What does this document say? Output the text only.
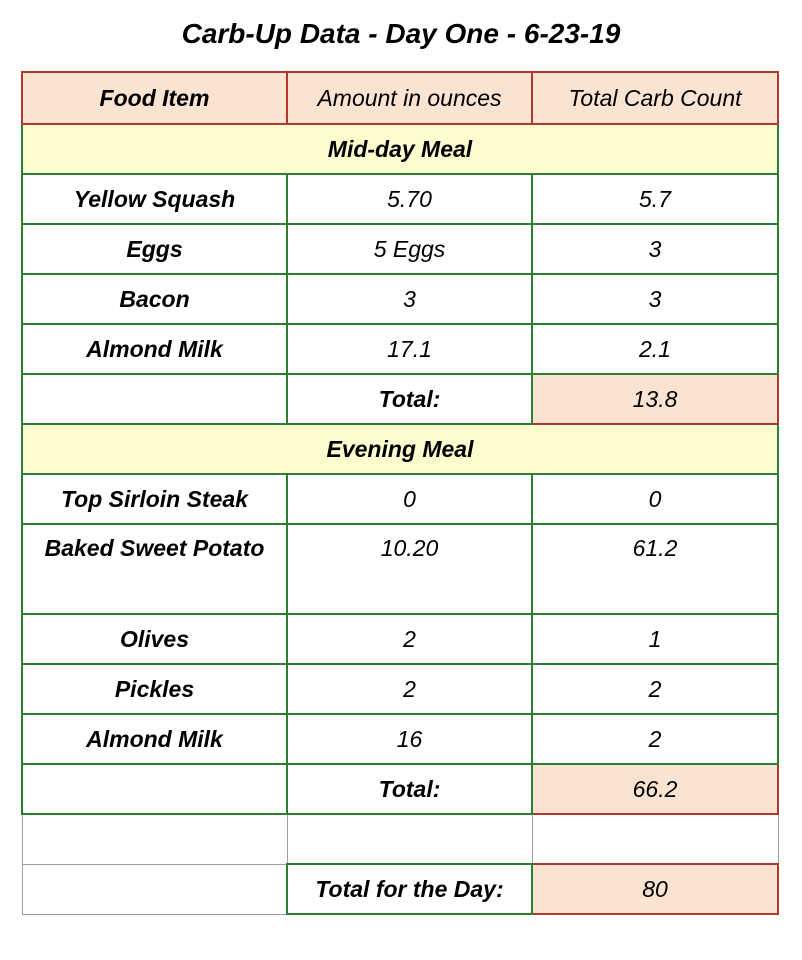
Carb-Up Data - Day One - 6-23-19
Food Item	Amount in ounces	Total Carb Count
Mid-day Meal		
Yellow Squash	5.70	5.7
Eggs	5 Eggs	3
Bacon	3	3
Almond Milk	17.1	2.1
	Total:	13.8
Evening Meal		
Top Sirloin Steak	0	0
Baked Sweet Potato	10.20	61.2
Olives	2	1
Pickles	2	2
Almond Milk	16	2
	Total:	66.2

	Total for the Day:	80
